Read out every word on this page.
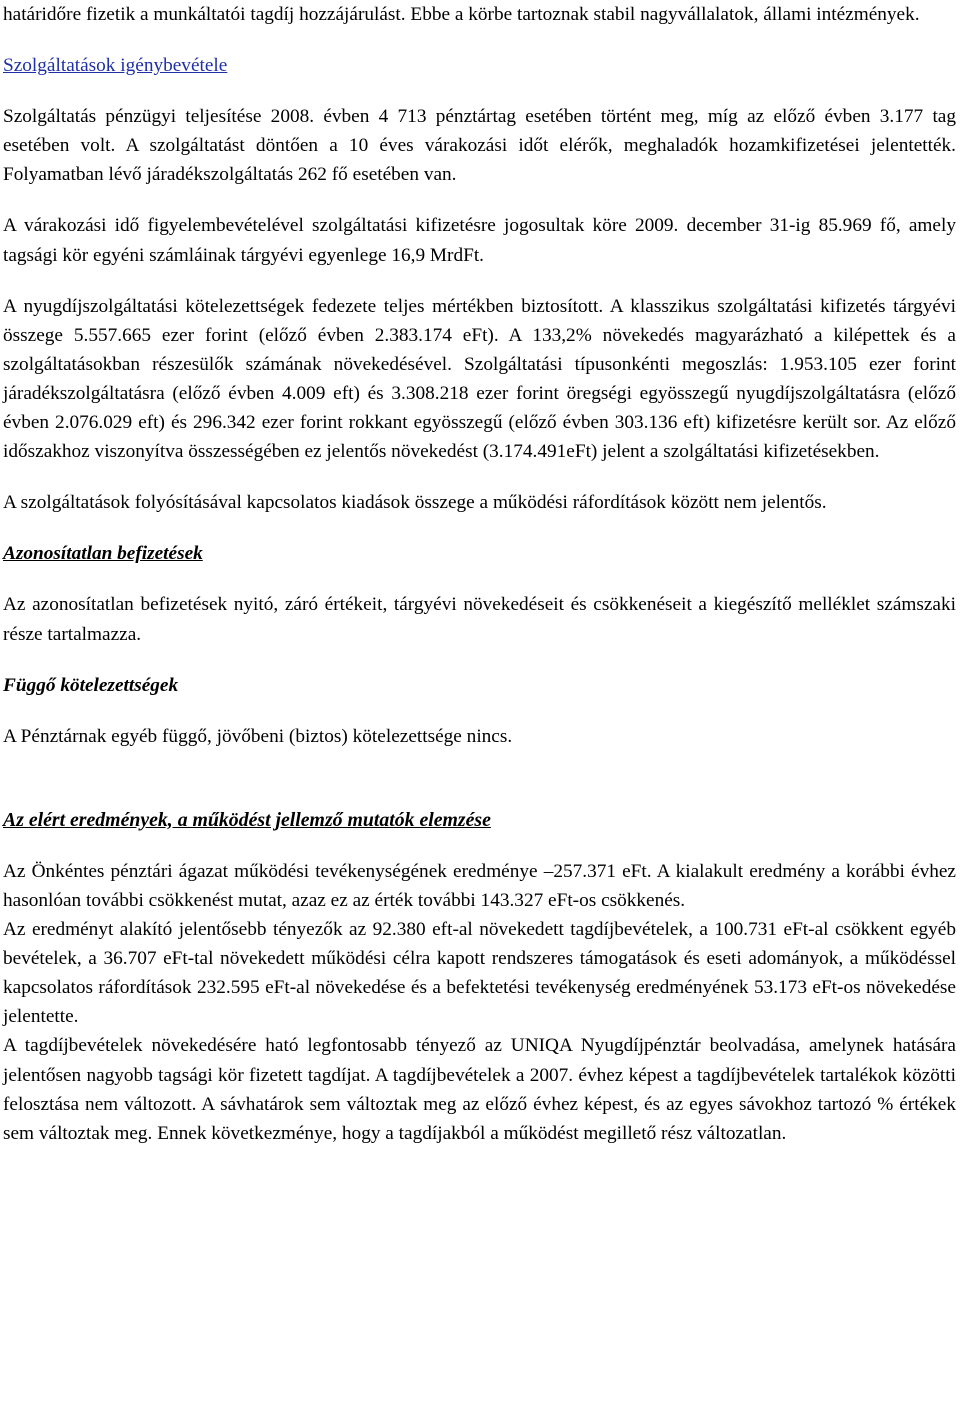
határidőre fizetik a munkáltatói tagdíj hozzájárulást. Ebbe a körbe tartoznak stabil nagyvállalatok, állami intézmények.

Szolgáltatások igénybevétele

Szolgáltatás pénzügyi teljesítése 2008. évben 4 713 pénztártag esetében történt meg, míg az előző évben 3.177 tag esetében volt. A szolgáltatást döntően a 10 éves várakozási időt elérők, meghaladók hozamkifizetései jelentették. Folyamatban lévő járadékszolgáltatás 262 fő esetében van.

A várakozási idő figyelembevételével szolgáltatási kifizetésre jogosultak köre 2009. december 31-ig 85.969 fő, amely tagsági kör egyéni számláinak tárgyévi egyenlege 16,9 MrdFt.

A nyugdíjszolgáltatási kötelezettségek fedezete teljes mértékben biztosított. A klasszikus szolgáltatási kifizetés tárgyévi összege 5.557.665 ezer forint (előző évben 2.383.174 eFt). A 133,2% növekedés magyarázható a kilépettek és a szolgáltatásokban részesülők számának növekedésével. Szolgáltatási típusonkénti megoszlás: 1.953.105 ezer forint járadékszolgáltatásra (előző évben 4.009 eft) és 3.308.218 ezer forint öregségi egyösszegű nyugdíjszolgáltatásra (előző évben 2.076.029 eft) és 296.342 ezer forint rokkant egyösszegű (előző évben 303.136 eft) kifizetésre került sor. Az előző időszakhoz viszonyítva összességében ez jelentős növekedést (3.174.491eFt) jelent a szolgáltatási kifizetésekben.

A szolgáltatások folyósításával kapcsolatos kiadások összege a működési ráfordítások között nem jelentős.

Azonosítatlan befizetések

Az azonosítatlan befizetések nyitó, záró értékeit, tárgyévi növekedéseit és csökkenéseit a kiegészítő melléklet számszaki része tartalmazza.

Függő kötelezettségek

A Pénztárnak egyéb függő, jövőbeni (biztos) kötelezettsége nincs.

Az elért eredmények, a működést jellemző mutatók elemzése

Az Önkéntes pénztári ágazat működési tevékenységének eredménye –257.371 eFt. A kialakult eredmény a korábbi évhez hasonlóan további csökkenést mutat, azaz ez az érték további 143.327 eFt-os csökkenés.

Az eredményt alakító jelentősebb tényezők az 92.380 eft-al növekedett tagdíjbevételek, a 100.731 eFt-al csökkent egyéb bevételek, a 36.707 eFt-tal növekedett működési célra kapott rendszeres támogatások és eseti adományok, a működéssel kapcsolatos ráfordítások 232.595 eFt-al növekedése és a befektetési tevékenység eredményének 53.173 eFt-os növekedése jelentette.

A tagdíjbevételek növekedésére ható legfontosabb tényező az UNIQA Nyugdíjpénztár beolvadása, amelynek hatására jelentősen nagyobb tagsági kör fizetett tagdíjat. A tagdíjbevételek a 2007. évhez képest a tagdíjbevételek tartalékok közötti felosztása nem változott. A sávhatárok sem változtak meg az előző évhez képest, és az egyes sávokhoz tartozó % értékek sem változtak meg. Ennek következménye, hogy a tagdíjakból a működést megillető rész változatlan.
